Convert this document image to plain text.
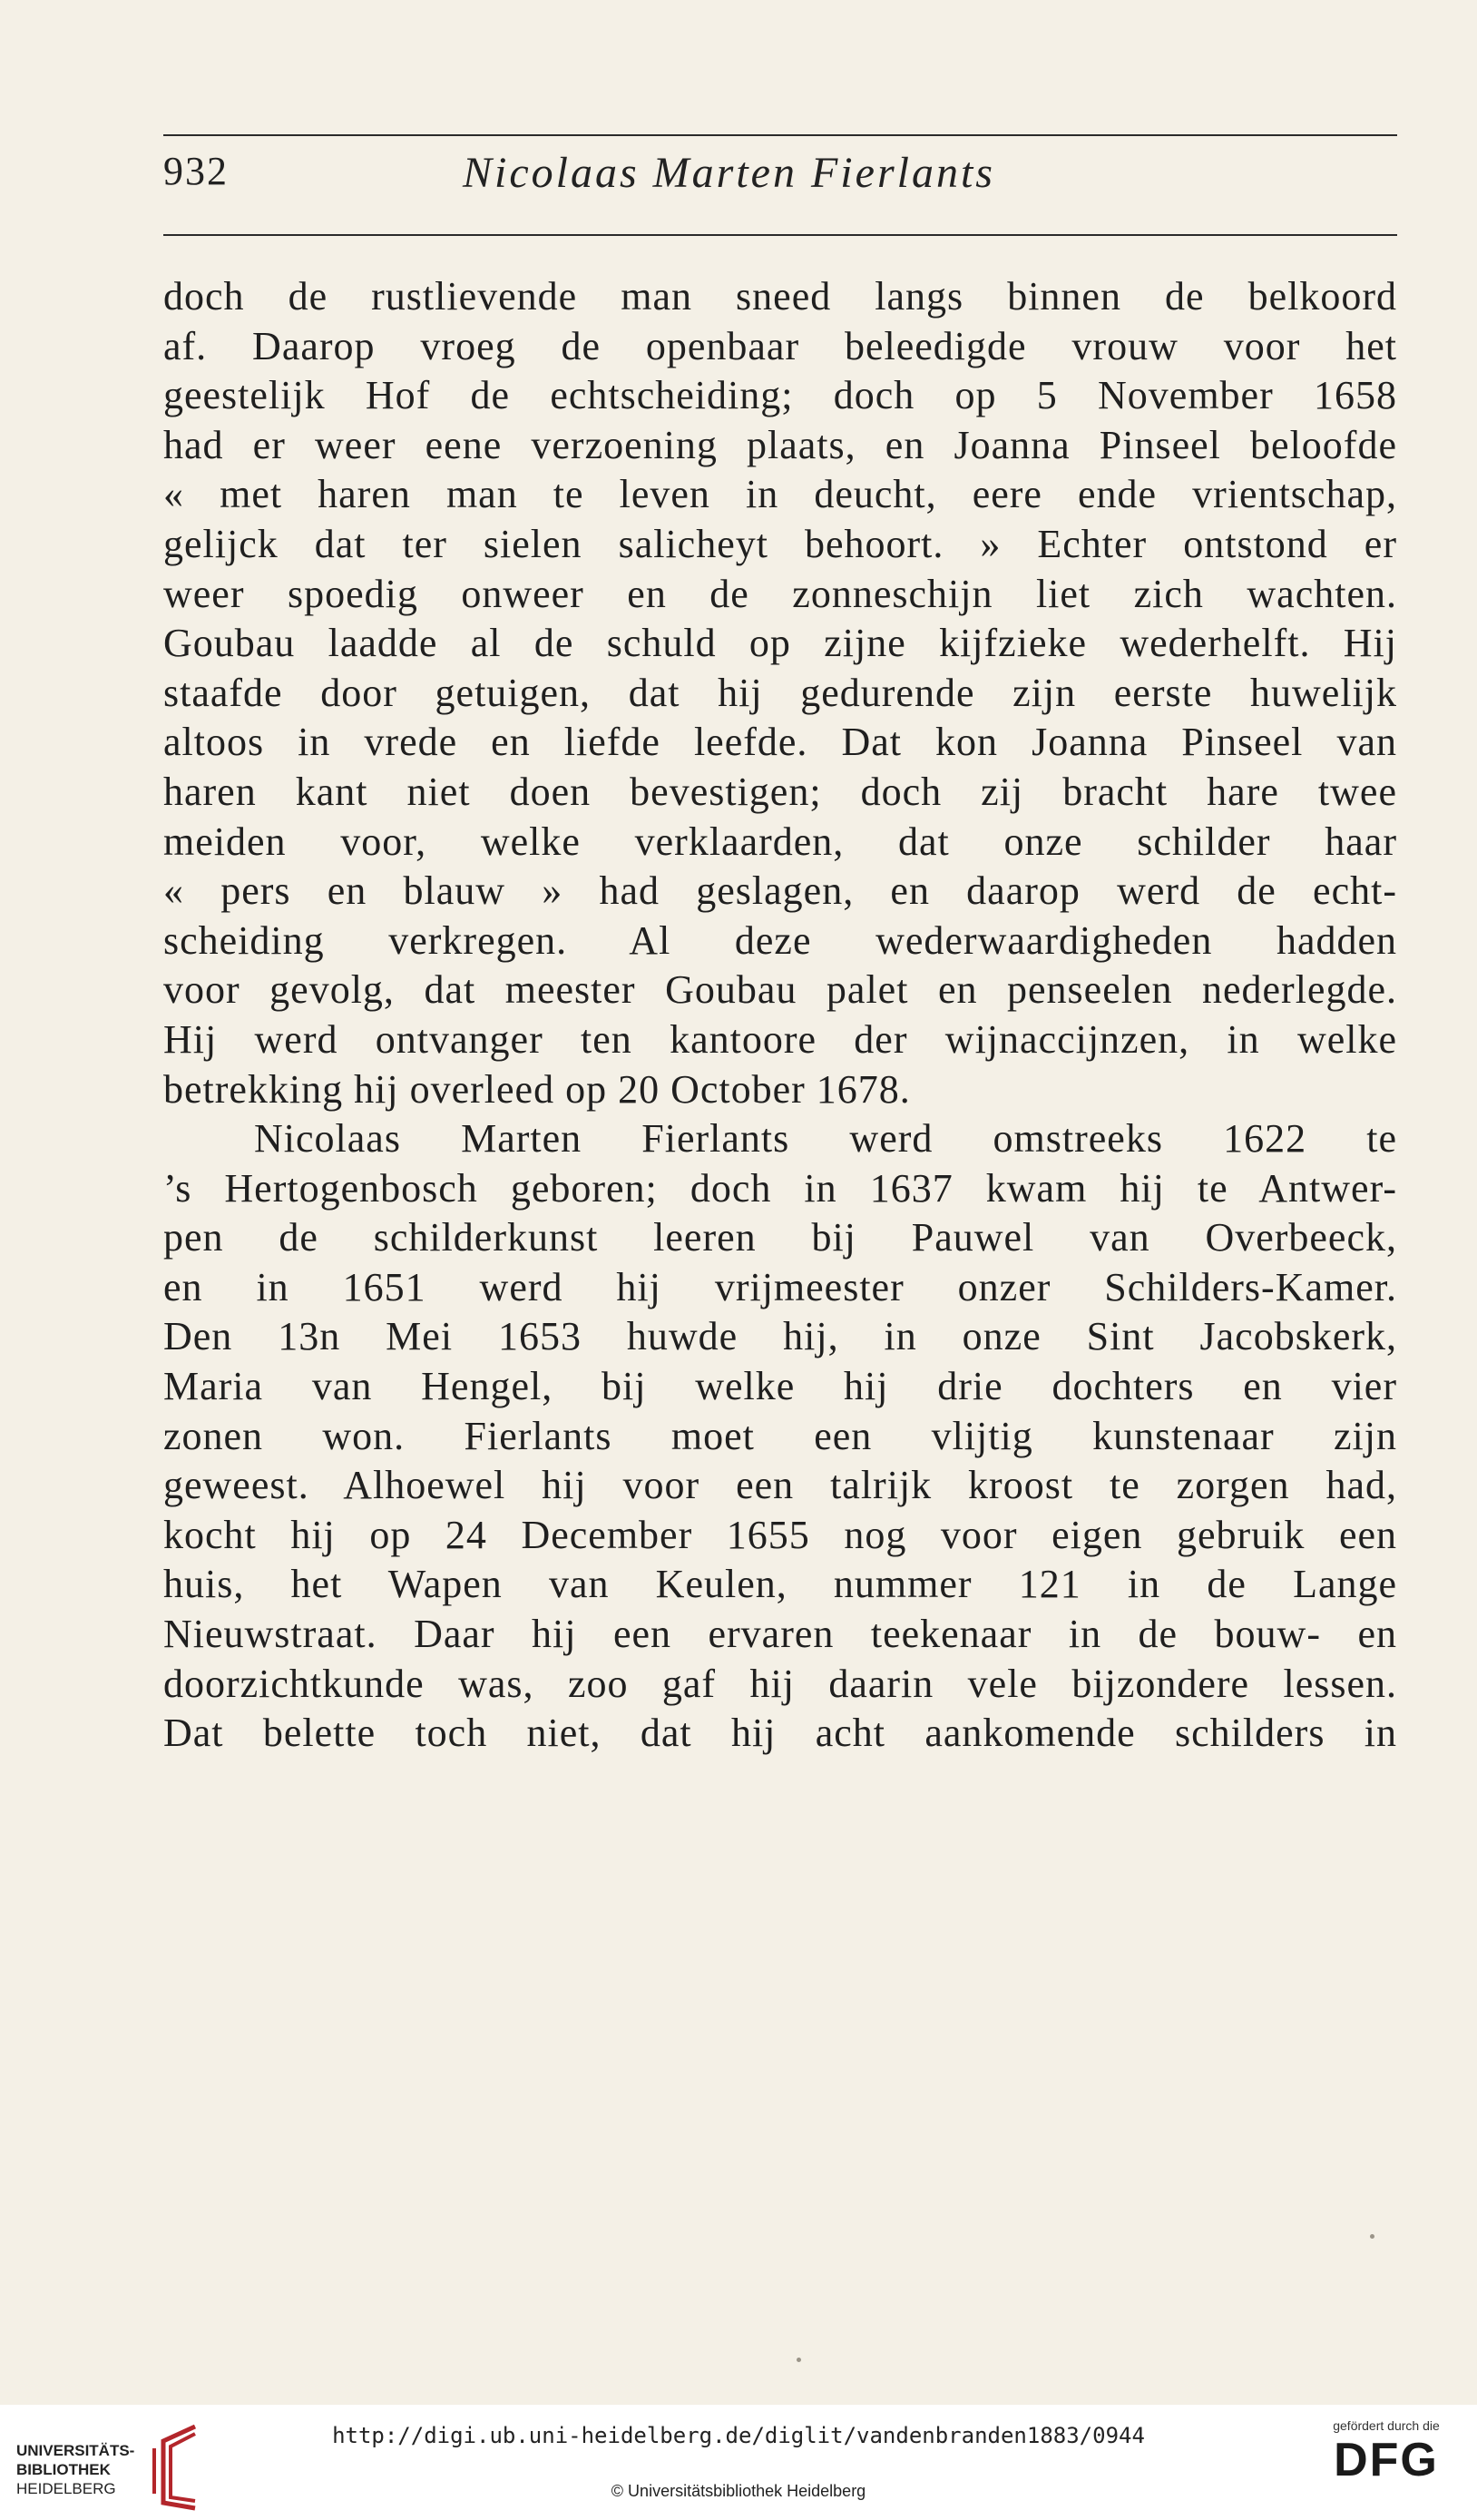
932	Nicolaas Marten Fierlants
doch de rustlievende man sneed langs binnen de belkoord
af. Daarop vroeg de openbaar beleedigde vrouw voor het
geestelijk Hof de echtscheiding; doch op 5 November 1658
had er weer eene verzoening plaats, en Joanna Pinseel beloofde
« met haren man te leven in deucht, eere ende vrientschap,
gelijck dat ter sielen salicheyt behoort. » Echter ontstond er
weer spoedig onweer en de zonneschijn liet zich wachten.
Goubau laadde al de schuld op zijne kijfzieke wederhelft. Hij
staafde door getuigen, dat hij gedurende zijn eerste huwelijk
altoos in vrede en liefde leefde. Dat kon Joanna Pinseel van
haren kant niet doen bevestigen; doch zij bracht hare twee
meiden voor, welke verklaarden, dat onze schilder haar
« pers en blauw » had geslagen, en daarop werd de echt-
scheiding verkregen. Al deze wederwaardigheden hadden
voor gevolg, dat meester Goubau palet en penseelen nederlegde.
Hij werd ontvanger ten kantoore der wijnaccijnzen, in welke
betrekking hij overleed op 20 October 1678.
Nicolaas Marten Fierlants werd omstreeks 1622 te
’s Hertogenbosch geboren; doch in 1637 kwam hij te Antwer-
pen de schilderkunst leeren bij Pauwel van Overbeeck,
en in 1651 werd hij vrijmeester onzer Schilders-Kamer.
Den 13n Mei 1653 huwde hij, in onze Sint Jacobskerk,
Maria van Hengel, bij welke hij drie dochters en vier
zonen won. Fierlants moet een vlijtig kunstenaar zijn
geweest. Alhoewel hij voor een talrijk kroost te zorgen had,
kocht hij op 24 December 1655 nog voor eigen gebruik een
huis, het Wapen van Keulen, nummer 121 in de Lange
Nieuwstraat. Daar hij een ervaren teekenaar in de bouw- en
doorzichtkunde was, zoo gaf hij daarin vele bijzondere lessen.
Dat belette toch niet, dat hij acht aankomende schilders in
UNIVERSITÄTS-
BIBLIOTHEK
HEIDELBERG
http://digi.ub.uni-heidelberg.de/diglit/vandenbranden1883/0944
© Universitätsbibliothek Heidelberg
gefördert durch die
DFG
